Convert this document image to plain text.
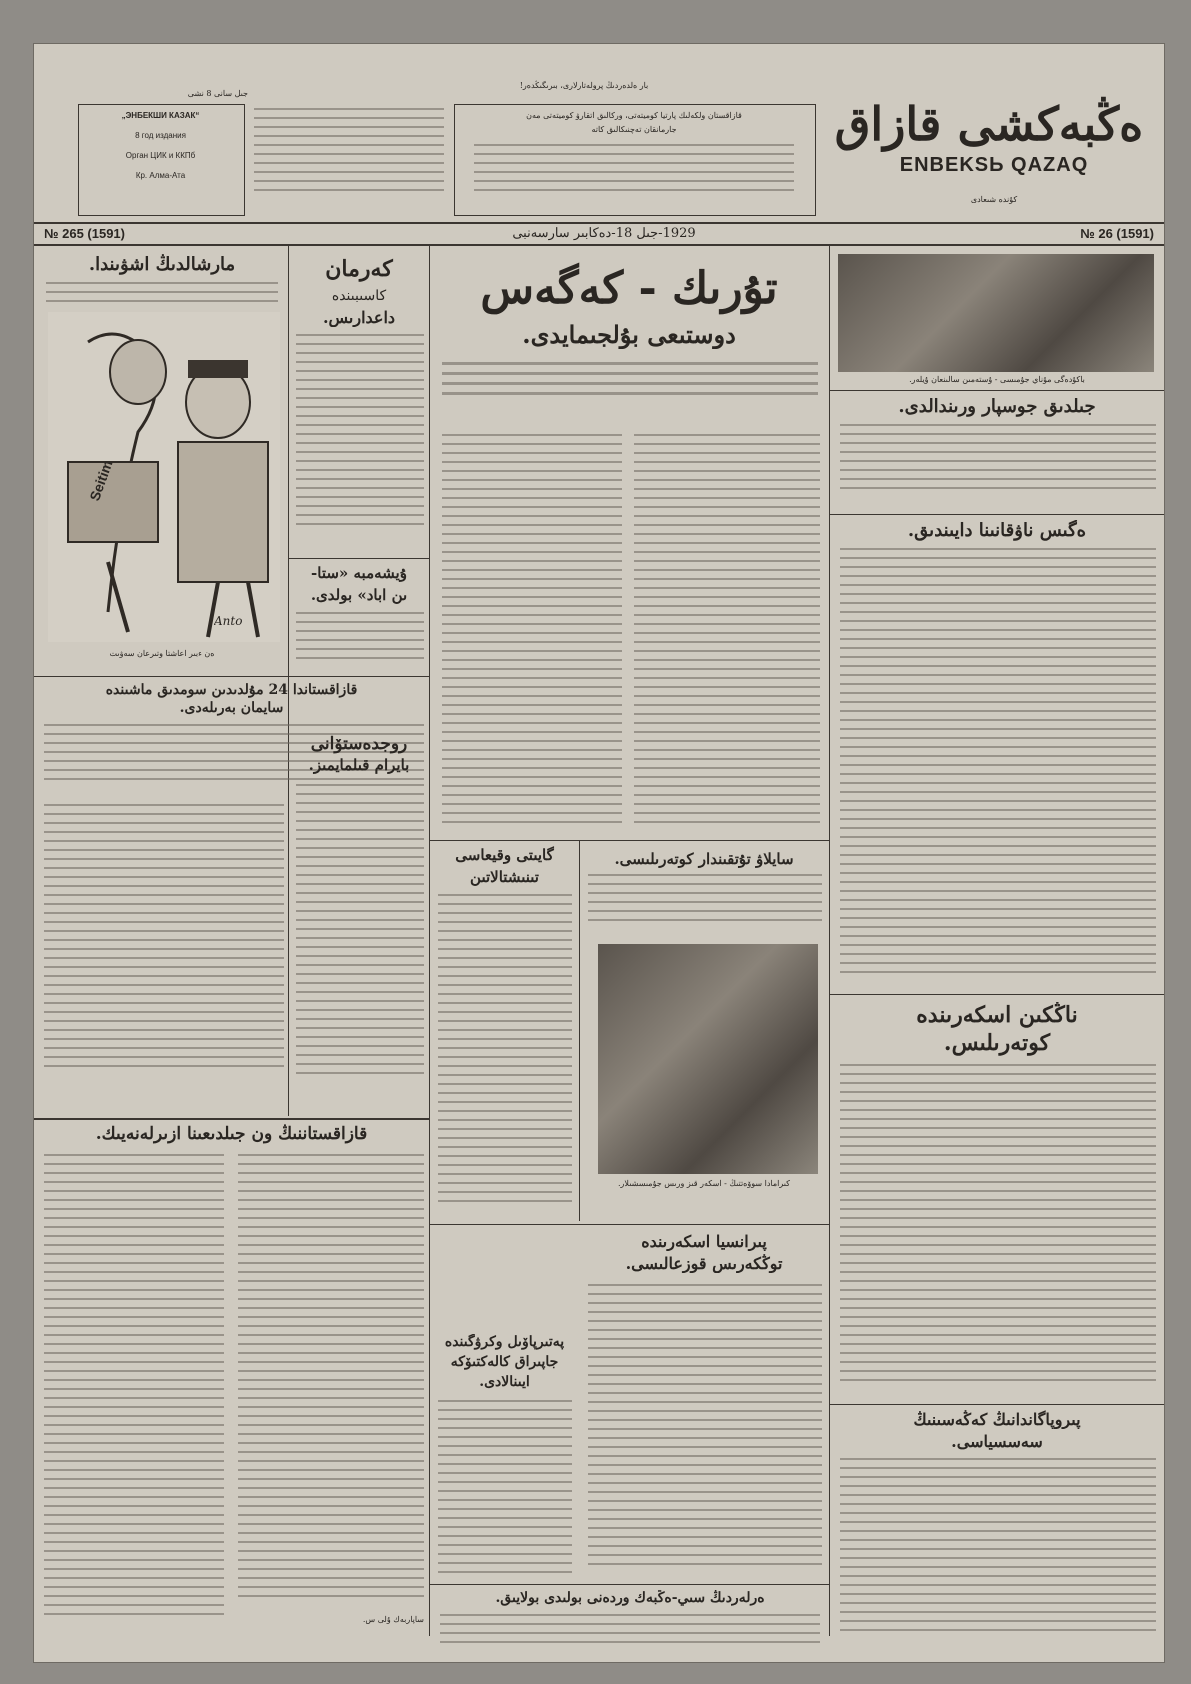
بار ەلدەردىڭ پرولەتارلارى، بىرىگىڭدەر!
ەڭبەكشى قازاق
ENBEKSЬ QAZAQ
كۇندە شىعادى
„ЭНБЕКШИ КАЗАК“
8 год издания
Орган ЦИК и ККПб
Кр. Алма-Ата
جىل سانى 8 نشى
قازاقستان ولكەلىك پارتيا كوميتەتى، وركالىق اتقارۋ كوميتەتى مەن
جارمانقان تەچنىكالىق كاتە
№ 265 (1591)	1929-جىل 18-دەكابىر سارسەنبى	№ 26 (1591)
مارشالدىڭ اشۋىندا.
Seitim
Anto
ەن ءبىر اعاشتا وتىرعان سەۋىت
قازاقستاندا 24 مۇلدىدىن سومدىق ماشىندە
سايمان بەرىلەدى.
كەرمان
كاسىبىندە
داعدارىس.
ۇيشەمبە «ستا-
ىن اباد» بولدى.
روجدەستۆانى
بايرام قىلمايمىز.
تۇرىك - كەگەس
دوستىعى بۇلجىمايدى.
گايىتى وقيعاسى
تىنىشتالاتىن
سايلاۋ تۇتقىندار كوتەرىلىسى.
كىرامادا سوۆەتتىڭ - اسكەر قىز ورىس جۇمىسشىلار.
باكۇدەگى مۇناي جۇمىسى - ۇستەمىن سالىنعان ۇيلەر.
جىلدىق جوسپار ورىندالدى.
ەگىس ناۋقانىنا دايىندىق.
ناڭكىن اسكەرىندە
كوتەرىلىس.
پىروپاگاندانىڭ كەڭەسىنىڭ
سەسسياسى.
قازاقستاننىڭ ون جىلدىعىنا ازىرلەنەيىك.
ساپاربەك ۇلى س.
پىرانسيا اسكەرىندە
توڭكەرىس قوزعالىسى.
پەتىرپاۆىل وكرۋگىندە
جاپىراق كالەكتىۆكە
ايىنالادى.
ەرلەردىڭ سىي-ەڭبەك وردەنى بولىدى بولايىق.
